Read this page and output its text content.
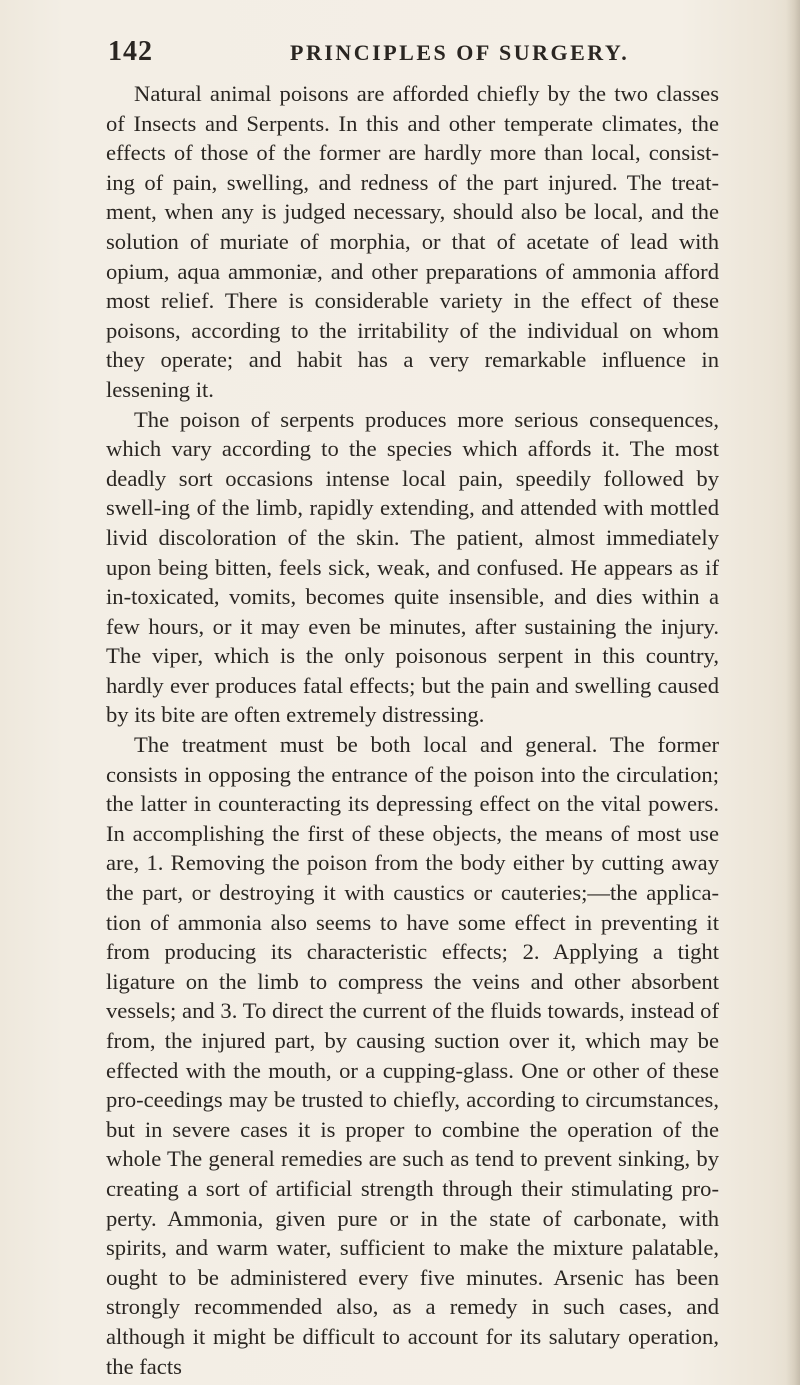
142	PRINCIPLES OF SURGERY.

Natural animal poisons are afforded chiefly by the two classes of Insects and Serpents. In this and other temperate climates, the effects of those of the former are hardly more than local, consist-ing of pain, swelling, and redness of the part injured. The treat-ment, when any is judged necessary, should also be local, and the solution of muriate of morphia, or that of acetate of lead with opium, aqua ammoniæ, and other preparations of ammonia afford most relief. There is considerable variety in the effect of these poisons, according to the irritability of the individual on whom they operate; and habit has a very remarkable influence in lessening it.

The poison of serpents produces more serious consequences, which vary according to the species which affords it. The most deadly sort occasions intense local pain, speedily followed by swell-ing of the limb, rapidly extending, and attended with mottled livid discoloration of the skin. The patient, almost immediately upon being bitten, feels sick, weak, and confused. He appears as if in-toxicated, vomits, becomes quite insensible, and dies within a few hours, or it may even be minutes, after sustaining the injury. The viper, which is the only poisonous serpent in this country, hardly ever produces fatal effects; but the pain and swelling caused by its bite are often extremely distressing.

The treatment must be both local and general. The former consists in opposing the entrance of the poison into the circulation; the latter in counteracting its depressing effect on the vital powers. In accomplishing the first of these objects, the means of most use are, 1. Removing the poison from the body either by cutting away the part, or destroying it with caustics or cauteries;—the applica-tion of ammonia also seems to have some effect in preventing it from producing its characteristic effects; 2. Applying a tight ligature on the limb to compress the veins and other absorbent vessels; and 3. To direct the current of the fluids towards, instead of from, the injured part, by causing suction over it, which may be effected with the mouth, or a cupping-glass. One or other of these pro-ceedings may be trusted to chiefly, according to circumstances, but in severe cases it is proper to combine the operation of the whole The general remedies are such as tend to prevent sinking, by creating a sort of artificial strength through their stimulating pro-perty. Ammonia, given pure or in the state of carbonate, with spirits, and warm water, sufficient to make the mixture palatable, ought to be administered every five minutes. Arsenic has been strongly recommended also, as a remedy in such cases, and although it might be difficult to account for its salutary operation, the facts
